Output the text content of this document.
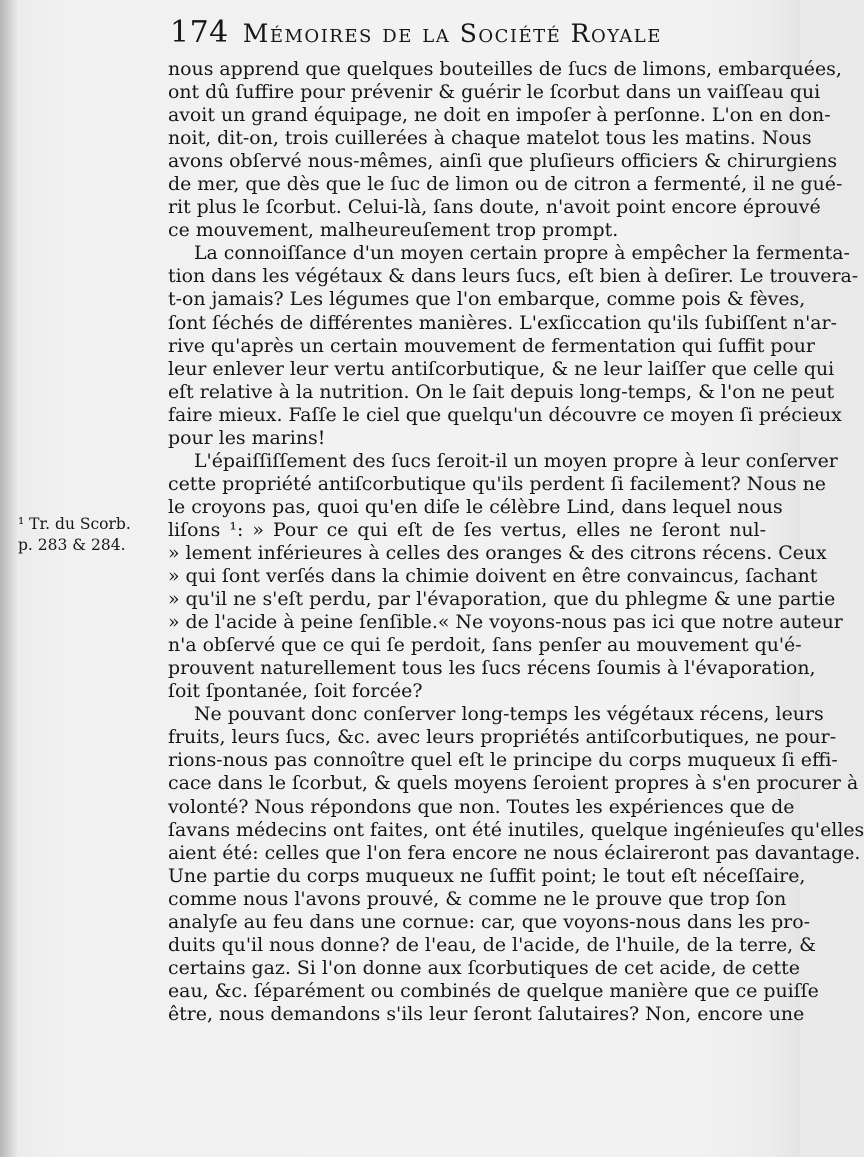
174 Mémoires de la Société Royale
¹ Tr. du Scorb.
p. 283 & 284.
nous apprend que quelques bouteilles de ſucs de limons, embarquées,
ont dû ſuffire pour prévenir & guérir le ſcorbut dans un vaiſſeau qui
avoit un grand équipage, ne doit en impoſer à perſonne. L'on en don-
noit, dit-on, trois cuillerées à chaque matelot tous les matins. Nous
avons obſervé nous-mêmes, ainſi que pluſieurs officiers & chirurgiens
de mer, que dès que le ſuc de limon ou de citron a fermenté, il ne gué-
rit plus le ſcorbut. Celui-là, ſans doute, n'avoit point encore éprouvé
ce mouvement, malheureuſement trop prompt.
La connoiſſance d'un moyen certain propre à empêcher la fermenta-
tion dans les végétaux & dans leurs ſucs, eſt bien à deſirer. Le trouvera-
t-on jamais? Les légumes que l'on embarque, comme pois & fèves,
ſont ſéchés de différentes manières. L'exſiccation qu'ils ſubiſſent n'ar-
rive qu'après un certain mouvement de fermentation qui ſuffit pour
leur enlever leur vertu antiſcorbutique, & ne leur laiſſer que celle qui
eſt relative à la nutrition. On le ſait depuis long-temps, & l'on ne peut
faire mieux. Faſſe le ciel que quelqu'un découvre ce moyen ſi précieux
pour les marins!
L'épaiſſiſſement des ſucs ſeroit-il un moyen propre à leur conſerver
cette propriété antiſcorbutique qu'ils perdent ſi facilement? Nous ne
le croyons pas, quoi qu'en diſe le célèbre Lind, dans lequel nous
liſons ¹: » Pour ce qui eſt de ſes vertus, elles ne ſeront nul-
» lement inférieures à celles des oranges & des citrons récens. Ceux
» qui ſont verſés dans la chimie doivent en être convaincus, ſachant
» qu'il ne s'eſt perdu, par l'évaporation, que du phlegme & une partie
» de l'acide à peine ſenſible.« Ne voyons-nous pas ici que notre auteur
n'a obſervé que ce qui ſe perdoit, ſans penſer au mouvement qu'é-
prouvent naturellement tous les ſucs récens ſoumis à l'évaporation,
ſoit ſpontanée, ſoit forcée?
Ne pouvant donc conſerver long-temps les végétaux récens, leurs
fruits, leurs ſucs, &c. avec leurs propriétés antiſcorbutiques, ne pour-
rions-nous pas connoître quel eſt le principe du corps muqueux ſi effi-
cace dans le ſcorbut, & quels moyens ſeroient propres à s'en procurer à
volonté? Nous répondons que non. Toutes les expériences que de
ſavans médecins ont faites, ont été inutiles, quelque ingénieuſes qu'elles
aient été: celles que l'on fera encore ne nous éclaireront pas davantage.
Une partie du corps muqueux ne ſuffit point; le tout eſt néceſſaire,
comme nous l'avons prouvé, & comme ne le prouve que trop ſon
analyſe au feu dans une cornue: car, que voyons-nous dans les pro-
duits qu'il nous donne? de l'eau, de l'acide, de l'huile, de la terre, &
certains gaz. Si l'on donne aux ſcorbutiques de cet acide, de cette
eau, &c. ſéparément ou combinés de quelque manière que ce puiſſe
être, nous demandons s'ils leur ſeront ſalutaires? Non, encore une
